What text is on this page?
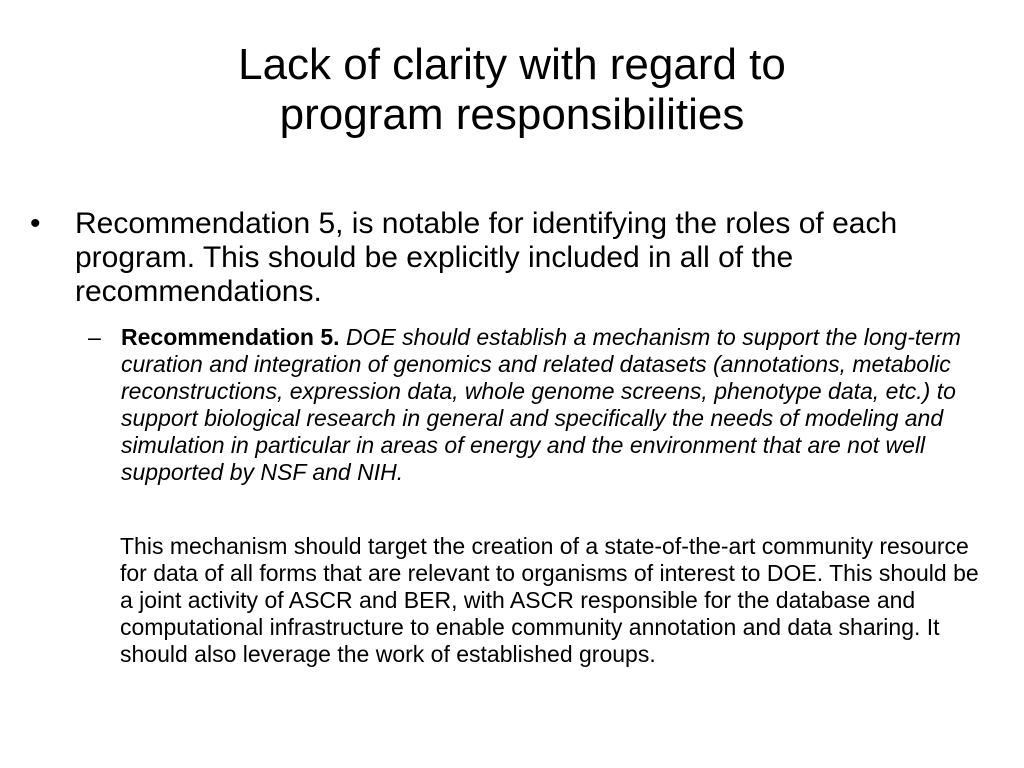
Lack of clarity with regard to
program responsibilities
• Recommendation 5, is notable for identifying the roles of each program. This should be explicitly included in all of the recommendations.
– Recommendation 5. DOE should establish a mechanism to support the long-term curation and integration of genomics and related datasets (annotations, metabolic reconstructions, expression data, whole genome screens, phenotype data, etc.) to support biological research in general and specifically the needs of modeling and simulation in particular in areas of energy and the environment that are not well supported by NSF and NIH.
This mechanism should target the creation of a state-of-the-art community resource for data of all forms that are relevant to organisms of interest to DOE. This should be a joint activity of ASCR and BER, with ASCR responsible for the database and computational infrastructure to enable community annotation and data sharing. It should also leverage the work of established groups.
